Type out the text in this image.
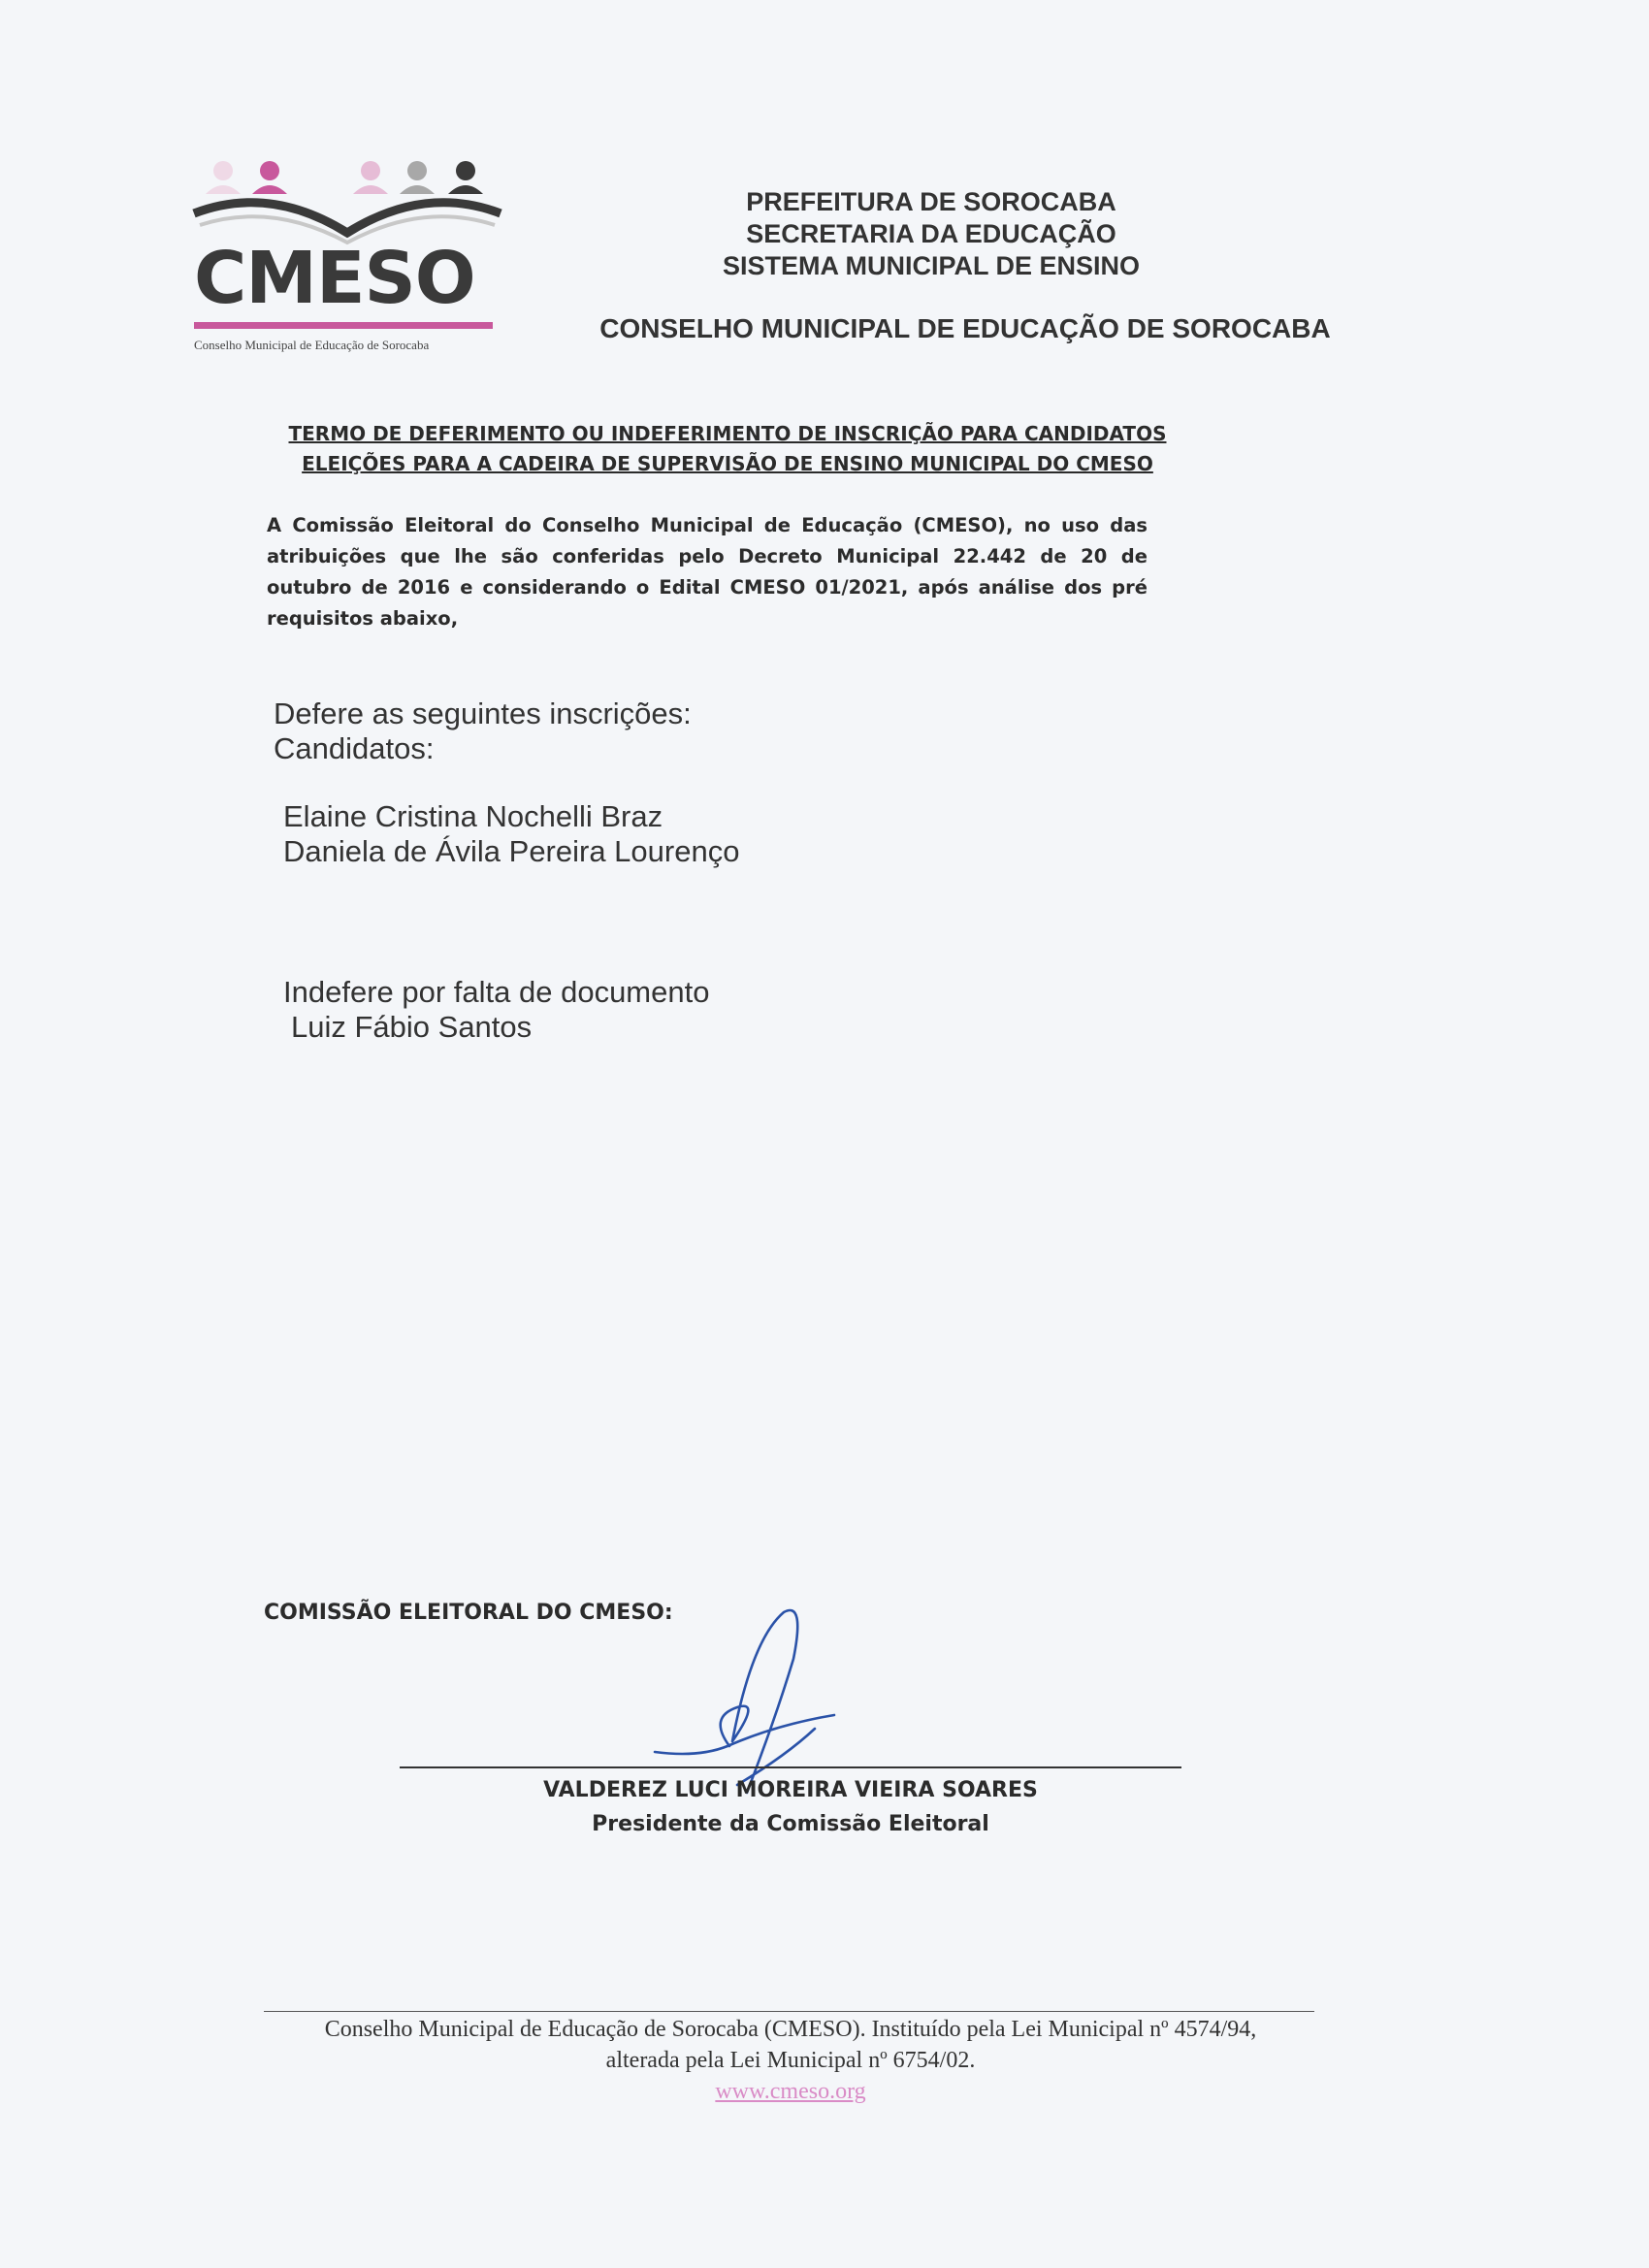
CMESO
Conselho Municipal de Educação de Sorocaba
PREFEITURA DE SOROCABA
SECRETARIA DA EDUCAÇÃO
SISTEMA MUNICIPAL DE ENSINO
CONSELHO MUNICIPAL DE EDUCAÇÃO DE SOROCABA
TERMO DE DEFERIMENTO OU INDEFERIMENTO DE INSCRIÇÃO PARA CANDIDATOS
ELEIÇÕES PARA A CADEIRA DE SUPERVISÃO DE ENSINO MUNICIPAL DO CMESO

A Comissão Eleitoral do Conselho Municipal de Educação (CMESO), no uso das atribuições que lhe são conferidas pelo Decreto Municipal 22.442 de 20 de outubro de 2016 e considerando o Edital CMESO 01/2021, após análise dos pré requisitos abaixo,

Defere as seguintes inscrições:
Candidatos:
Elaine Cristina Nochelli Braz
Daniela de Ávila Pereira Lourenço
Indefere por falta de documento
Luiz Fábio Santos
COMISSÃO ELEITORAL DO CMESO:
VALDEREZ LUCI MOREIRA VIEIRA SOARES
Presidente da Comissão Eleitoral
Conselho Municipal de Educação de Sorocaba (CMESO). Instituído pela Lei Municipal nº 4574/94,
alterada pela Lei Municipal nº 6754/02.
www.cmeso.org
